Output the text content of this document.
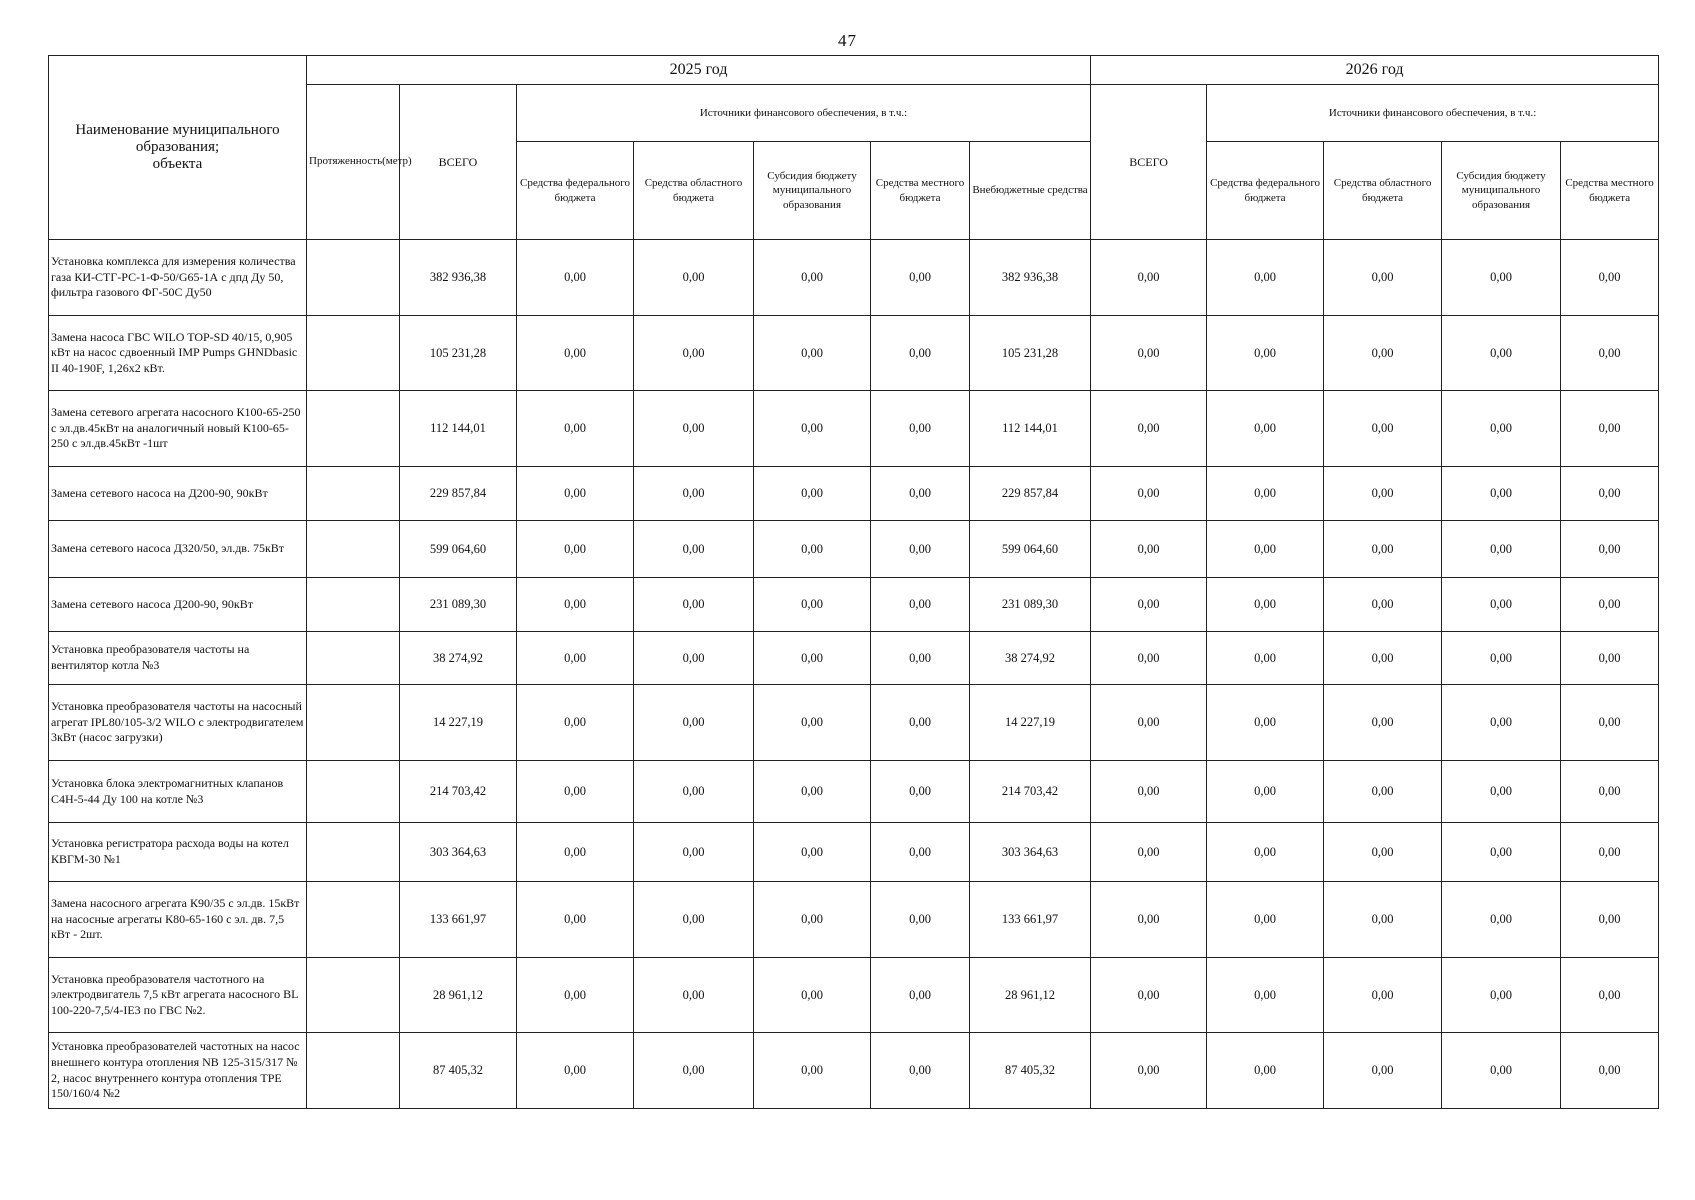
47
Наименование муниципального
образования;
объекта	2025 год							2026 год				
	Протяженность(метр)	ВСЕГО	Источники финансового обеспечения, в т.ч.:					ВСЕГО	Источники финансового обеспечения, в т.ч.:			
			Средства федерального бюджета	Средства областного бюджета	Субсидия бюджету муниципального образования	Средства местного бюджета	Внебюджетные средства		Средства федерального бюджета	Средства областного бюджета	Субсидия бюджету муниципального образования	Средства местного бюджета
Установка комплекса для измерения количества газа КИ-СТГ-РС-1-Ф-50/G65-1А с дпд Ду 50, фильтра газового ФГ-50С Ду50		382 936,38	0,00	0,00	0,00	0,00	382 936,38	0,00	0,00	0,00	0,00	0,00
Замена насоса ГВС WILO TOP-SD 40/15, 0,905 кВт на насос сдвоенный IMP Pumps GHNDbasic II 40-190F, 1,26х2 кВт.		105 231,28	0,00	0,00	0,00	0,00	105 231,28	0,00	0,00	0,00	0,00	0,00
Замена сетевого агрегата насосного К100-65-250 с эл.дв.45кВт на аналогичный новый К100-65-250 с эл.дв.45кВт -1шт		112 144,01	0,00	0,00	0,00	0,00	112 144,01	0,00	0,00	0,00	0,00	0,00
Замена сетевого насоса на Д200-90, 90кВт		229 857,84	0,00	0,00	0,00	0,00	229 857,84	0,00	0,00	0,00	0,00	0,00
Замена сетевого насоса Д320/50, эл.дв. 75кВт		599 064,60	0,00	0,00	0,00	0,00	599 064,60	0,00	0,00	0,00	0,00	0,00
Замена сетевого насоса Д200-90, 90кВт		231 089,30	0,00	0,00	0,00	0,00	231 089,30	0,00	0,00	0,00	0,00	0,00
Установка преобразователя частоты на вентилятор котла №3		38 274,92	0,00	0,00	0,00	0,00	38 274,92	0,00	0,00	0,00	0,00	0,00
Установка преобразователя частоты на насосный агрегат IPL80/105-3/2 WILO с электродвигателем 3кВт (насос загрузки)		14 227,19	0,00	0,00	0,00	0,00	14 227,19	0,00	0,00	0,00	0,00	0,00
Установка блока электромагнитных клапанов С4Н-5-44 Ду 100 на котле №3		214 703,42	0,00	0,00	0,00	0,00	214 703,42	0,00	0,00	0,00	0,00	0,00
Установка регистратора расхода воды на котел КВГМ-30 №1		303 364,63	0,00	0,00	0,00	0,00	303 364,63	0,00	0,00	0,00	0,00	0,00
Замена насосного агрегата К90/35 с эл.дв. 15кВт на насосные агрегаты К80-65-160 с эл. дв. 7,5 кВт - 2шт.		133 661,97	0,00	0,00	0,00	0,00	133 661,97	0,00	0,00	0,00	0,00	0,00
Установка преобразователя частотного на электродвигатель 7,5 кВт агрегата насосного BL 100-220-7,5/4-IE3 по ГВС №2.		28 961,12	0,00	0,00	0,00	0,00	28 961,12	0,00	0,00	0,00	0,00	0,00
Установка преобразователей частотных на насос внешнего контура отопления NB 125-315/317 № 2, насос внутреннего контура отопления TPE 150/160/4 №2		87 405,32	0,00	0,00	0,00	0,00	87 405,32	0,00	0,00	0,00	0,00	0,00
